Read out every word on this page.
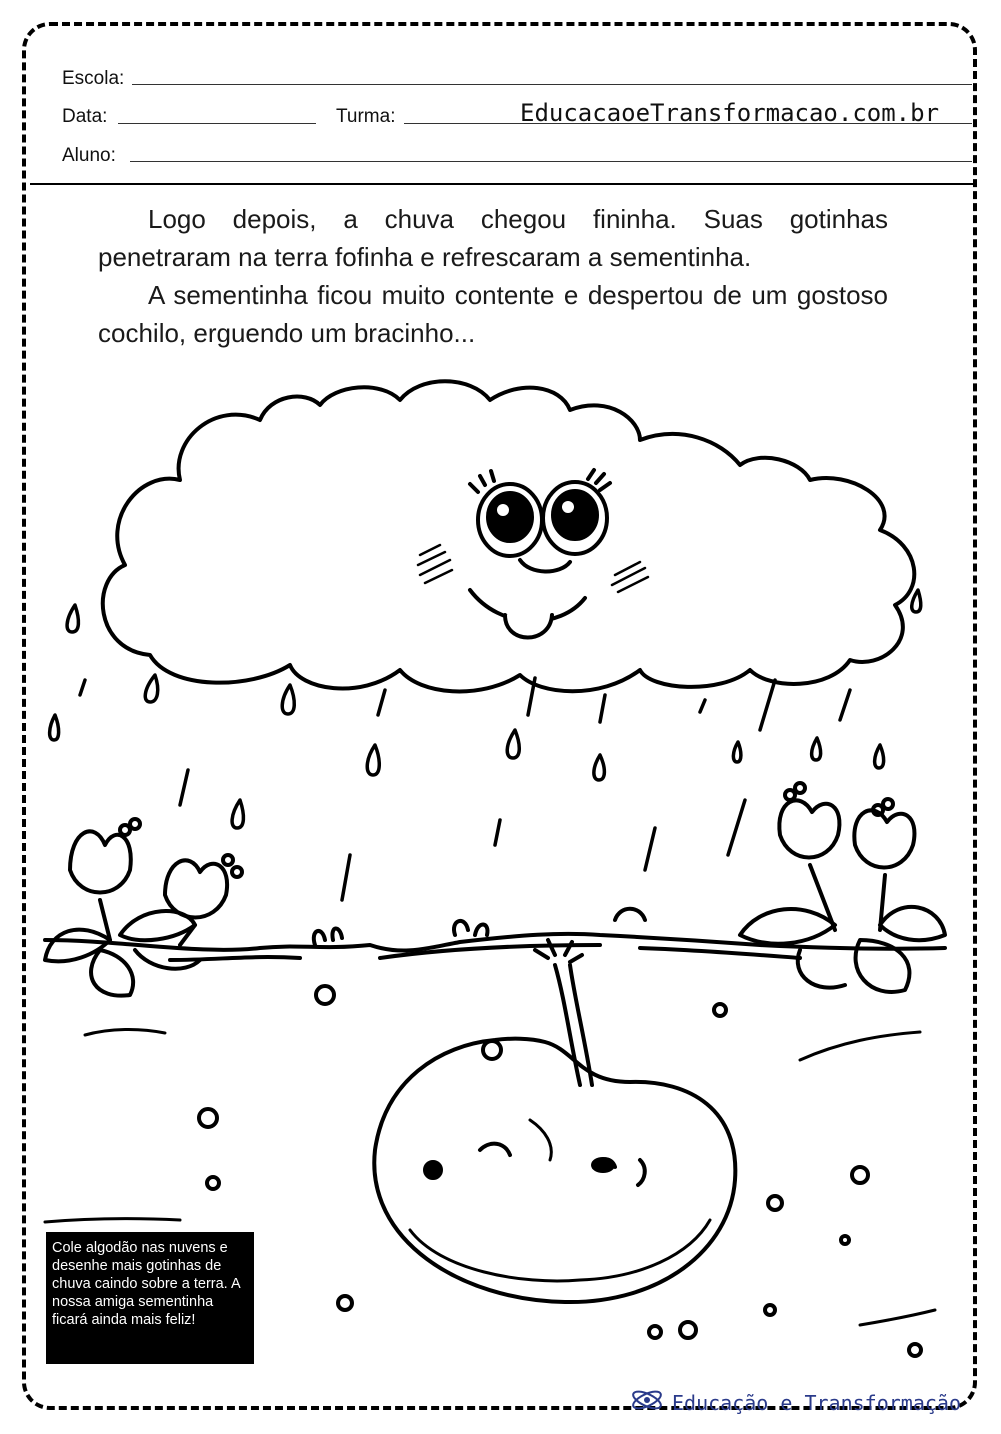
Escola:
Data:	Turma:	EducacaoeTransformacao.com.br
Aluno:

Logo depois, a chuva chegou fininha. Suas gotinhas penetraram na terra fofinha e refrescaram a sementinha.

A sementinha ficou muito contente e despertou de um gostoso cochilo, erguendo um bracinho...

Cole algodão nas nuvens e desenhe mais gotinhas de chuva caindo sobre a terra. A nossa amiga sementinha ficará ainda mais feliz!
Educação e Transformação
